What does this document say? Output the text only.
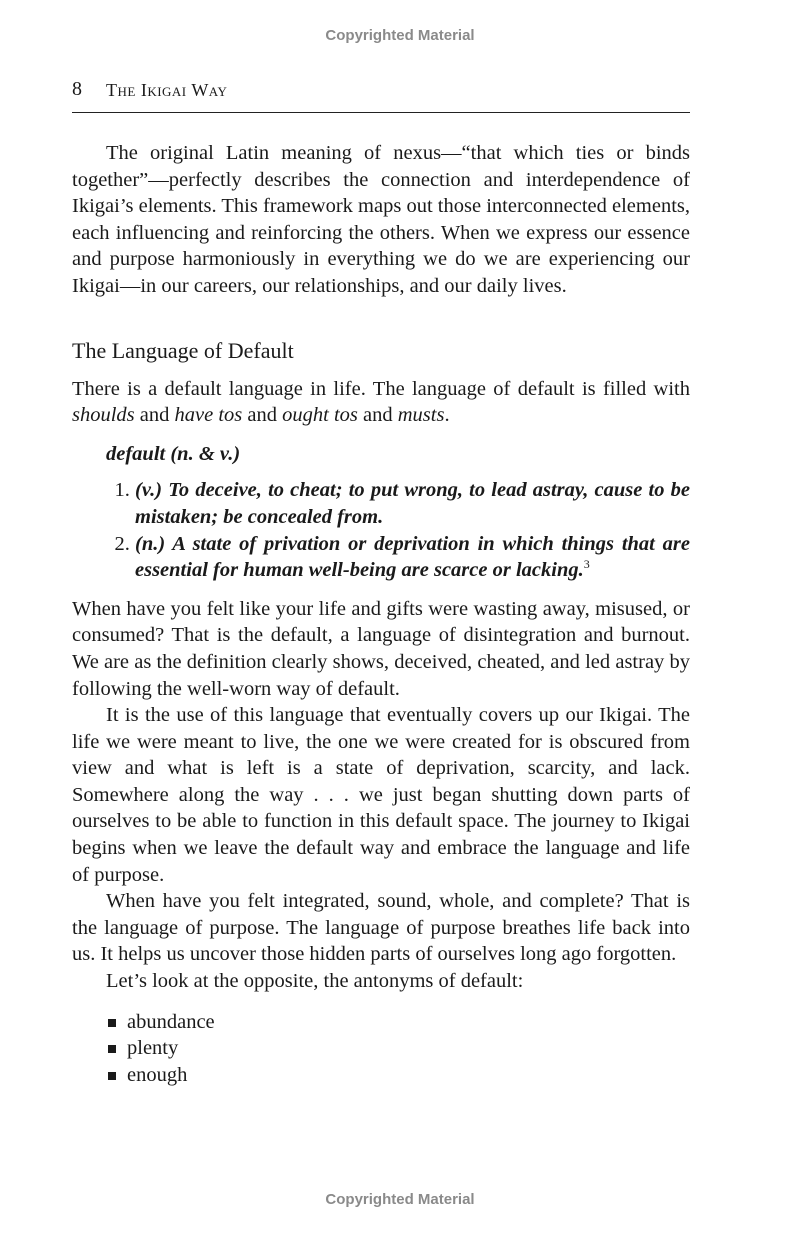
Copyrighted Material
8 The Ikigai Way

The original Latin meaning of nexus—“that which ties or binds together”—perfectly describes the connection and interdependence of Ikigai’s elements. This framework maps out those interconnected elements, each influencing and reinforcing the others. When we express our essence and purpose harmoniously in everything we do we are experiencing our Ikigai—in our careers, our relationships, and our daily lives.

The Language of Default

There is a default language in life. The language of default is filled with shoulds and have tos and ought tos and musts.

default (n. & v.)
1. (v.) To deceive, to cheat; to put wrong, to lead astray, cause to be mistaken; be concealed from.
2. (n.) A state of privation or deprivation in which things that are essential for human well-being are scarce or lacking.$^3$

When have you felt like your life and gifts were wasting away, misused, or consumed? That is the default, a language of disintegration and burnout. We are as the definition clearly shows, deceived, cheated, and led astray by following the well-worn way of default.

It is the use of this language that eventually covers up our Ikigai. The life we were meant to live, the one we were created for is obscured from view and what is left is a state of deprivation, scarcity, and lack. Somewhere along the way . . . we just began shutting down parts of ourselves to be able to function in this default space. The journey to Ikigai begins when we leave the default way and embrace the language and life of purpose.

When have you felt integrated, sound, whole, and complete? That is the language of purpose. The language of purpose breathes life back into us. It helps us uncover those hidden parts of ourselves long ago forgotten.

Let’s look at the opposite, the antonyms of default:

abundance
plenty
enough
Copyrighted Material
